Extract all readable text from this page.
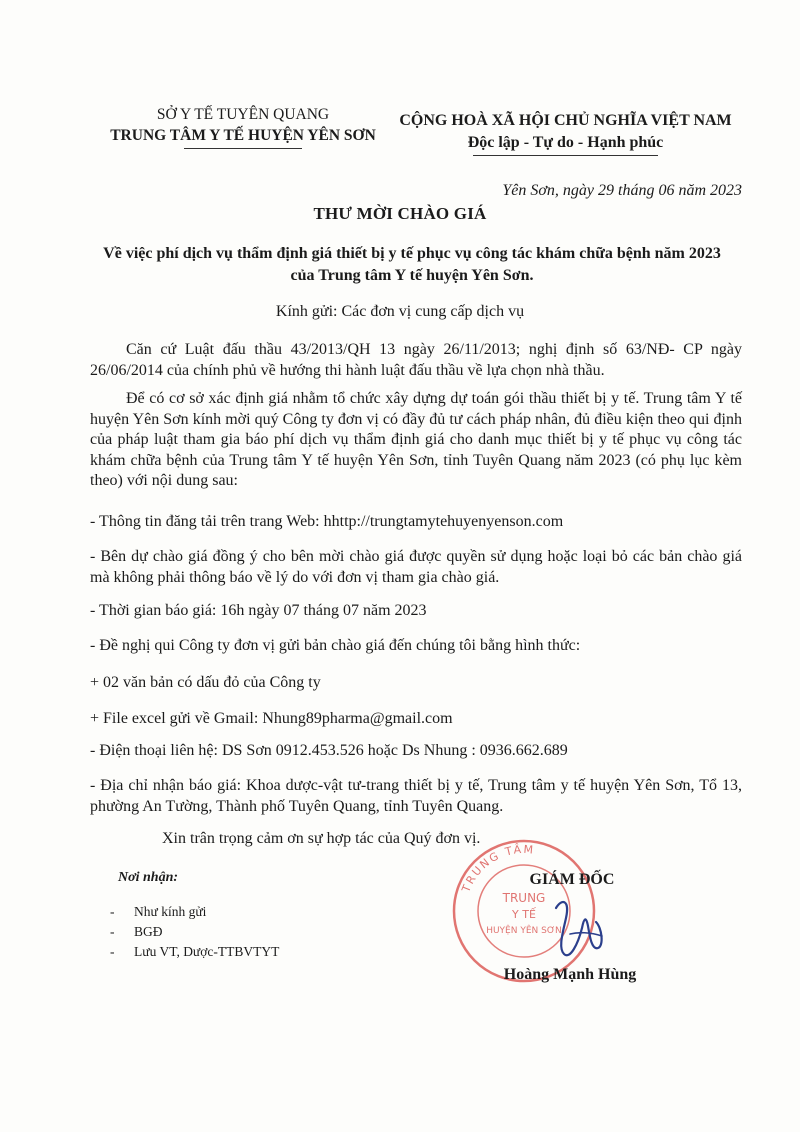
SỞ Y TẾ TUYÊN QUANG
TRUNG TÂM Y TẾ HUYỆN YÊN SƠN
CỘNG HOÀ XÃ HỘI CHỦ NGHĨA VIỆT NAM
Độc lập - Tự do - Hạnh phúc
Yên Sơn, ngày 29 tháng 06 năm 2023
THƯ MỜI CHÀO GIÁ
Về việc phí dịch vụ thẩm định giá thiết bị y tế phục vụ công tác khám chữa bệnh năm 2023 của Trung tâm Y tế huyện Yên Sơn.
Kính gửi: Các đơn vị cung cấp dịch vụ
Căn cứ Luật đấu thầu 43/2013/QH 13 ngày 26/11/2013; nghị định số 63/NĐ- CP ngày 26/06/2014 của chính phủ về hướng thi hành luật đấu thầu về lựa chọn nhà thầu.
Để có cơ sở xác định giá nhằm tổ chức xây dựng dự toán gói thầu thiết bị y tế. Trung tâm Y tế huyện Yên Sơn kính mời quý Công ty đơn vị có đầy đủ tư cách pháp nhân, đủ điều kiện theo qui định của pháp luật tham gia báo phí dịch vụ thẩm định giá cho danh mục thiết bị y tế phục vụ công tác khám chữa bệnh của Trung tâm Y tế huyện Yên Sơn, tỉnh Tuyên Quang năm 2023 (có phụ lục kèm theo) với nội dung sau:
- Thông tin đăng tải trên trang Web: hhttp://trungtamytehuyenyenson.com
- Bên dự chào giá đồng ý cho bên mời chào giá được quyền sử dụng hoặc loại bỏ các bản chào giá mà không phải thông báo về lý do với đơn vị tham gia chào giá.
- Thời gian báo giá: 16h ngày 07 tháng 07 năm 2023
- Đề nghị qui Công ty đơn vị gửi bản chào giá đến chúng tôi bằng hình thức:
+ 02 văn bản có dấu đỏ của Công ty
+ File excel gửi về Gmail: Nhung89pharma@gmail.com
- Điện thoại liên hệ: DS Sơn 0912.453.526 hoặc Ds Nhung : 0936.662.689
- Địa chỉ nhận báo giá: Khoa dược-vật tư-trang thiết bị y tế, Trung tâm y tế huyện Yên Sơn, Tổ 13, phường An Tường, Thành phố Tuyên Quang, tỉnh Tuyên Quang.
Xin trân trọng cảm ơn sự hợp tác của Quý đơn vị.
Nơi nhận:
- Như kính gửi
- BGĐ
- Lưu VT, Dược-TTBVTYT
TRUNG TÂM
TRUNG
Y TẾ
HUYỆN YÊN SƠN
GIÁM ĐỐC
Hoàng Mạnh Hùng
